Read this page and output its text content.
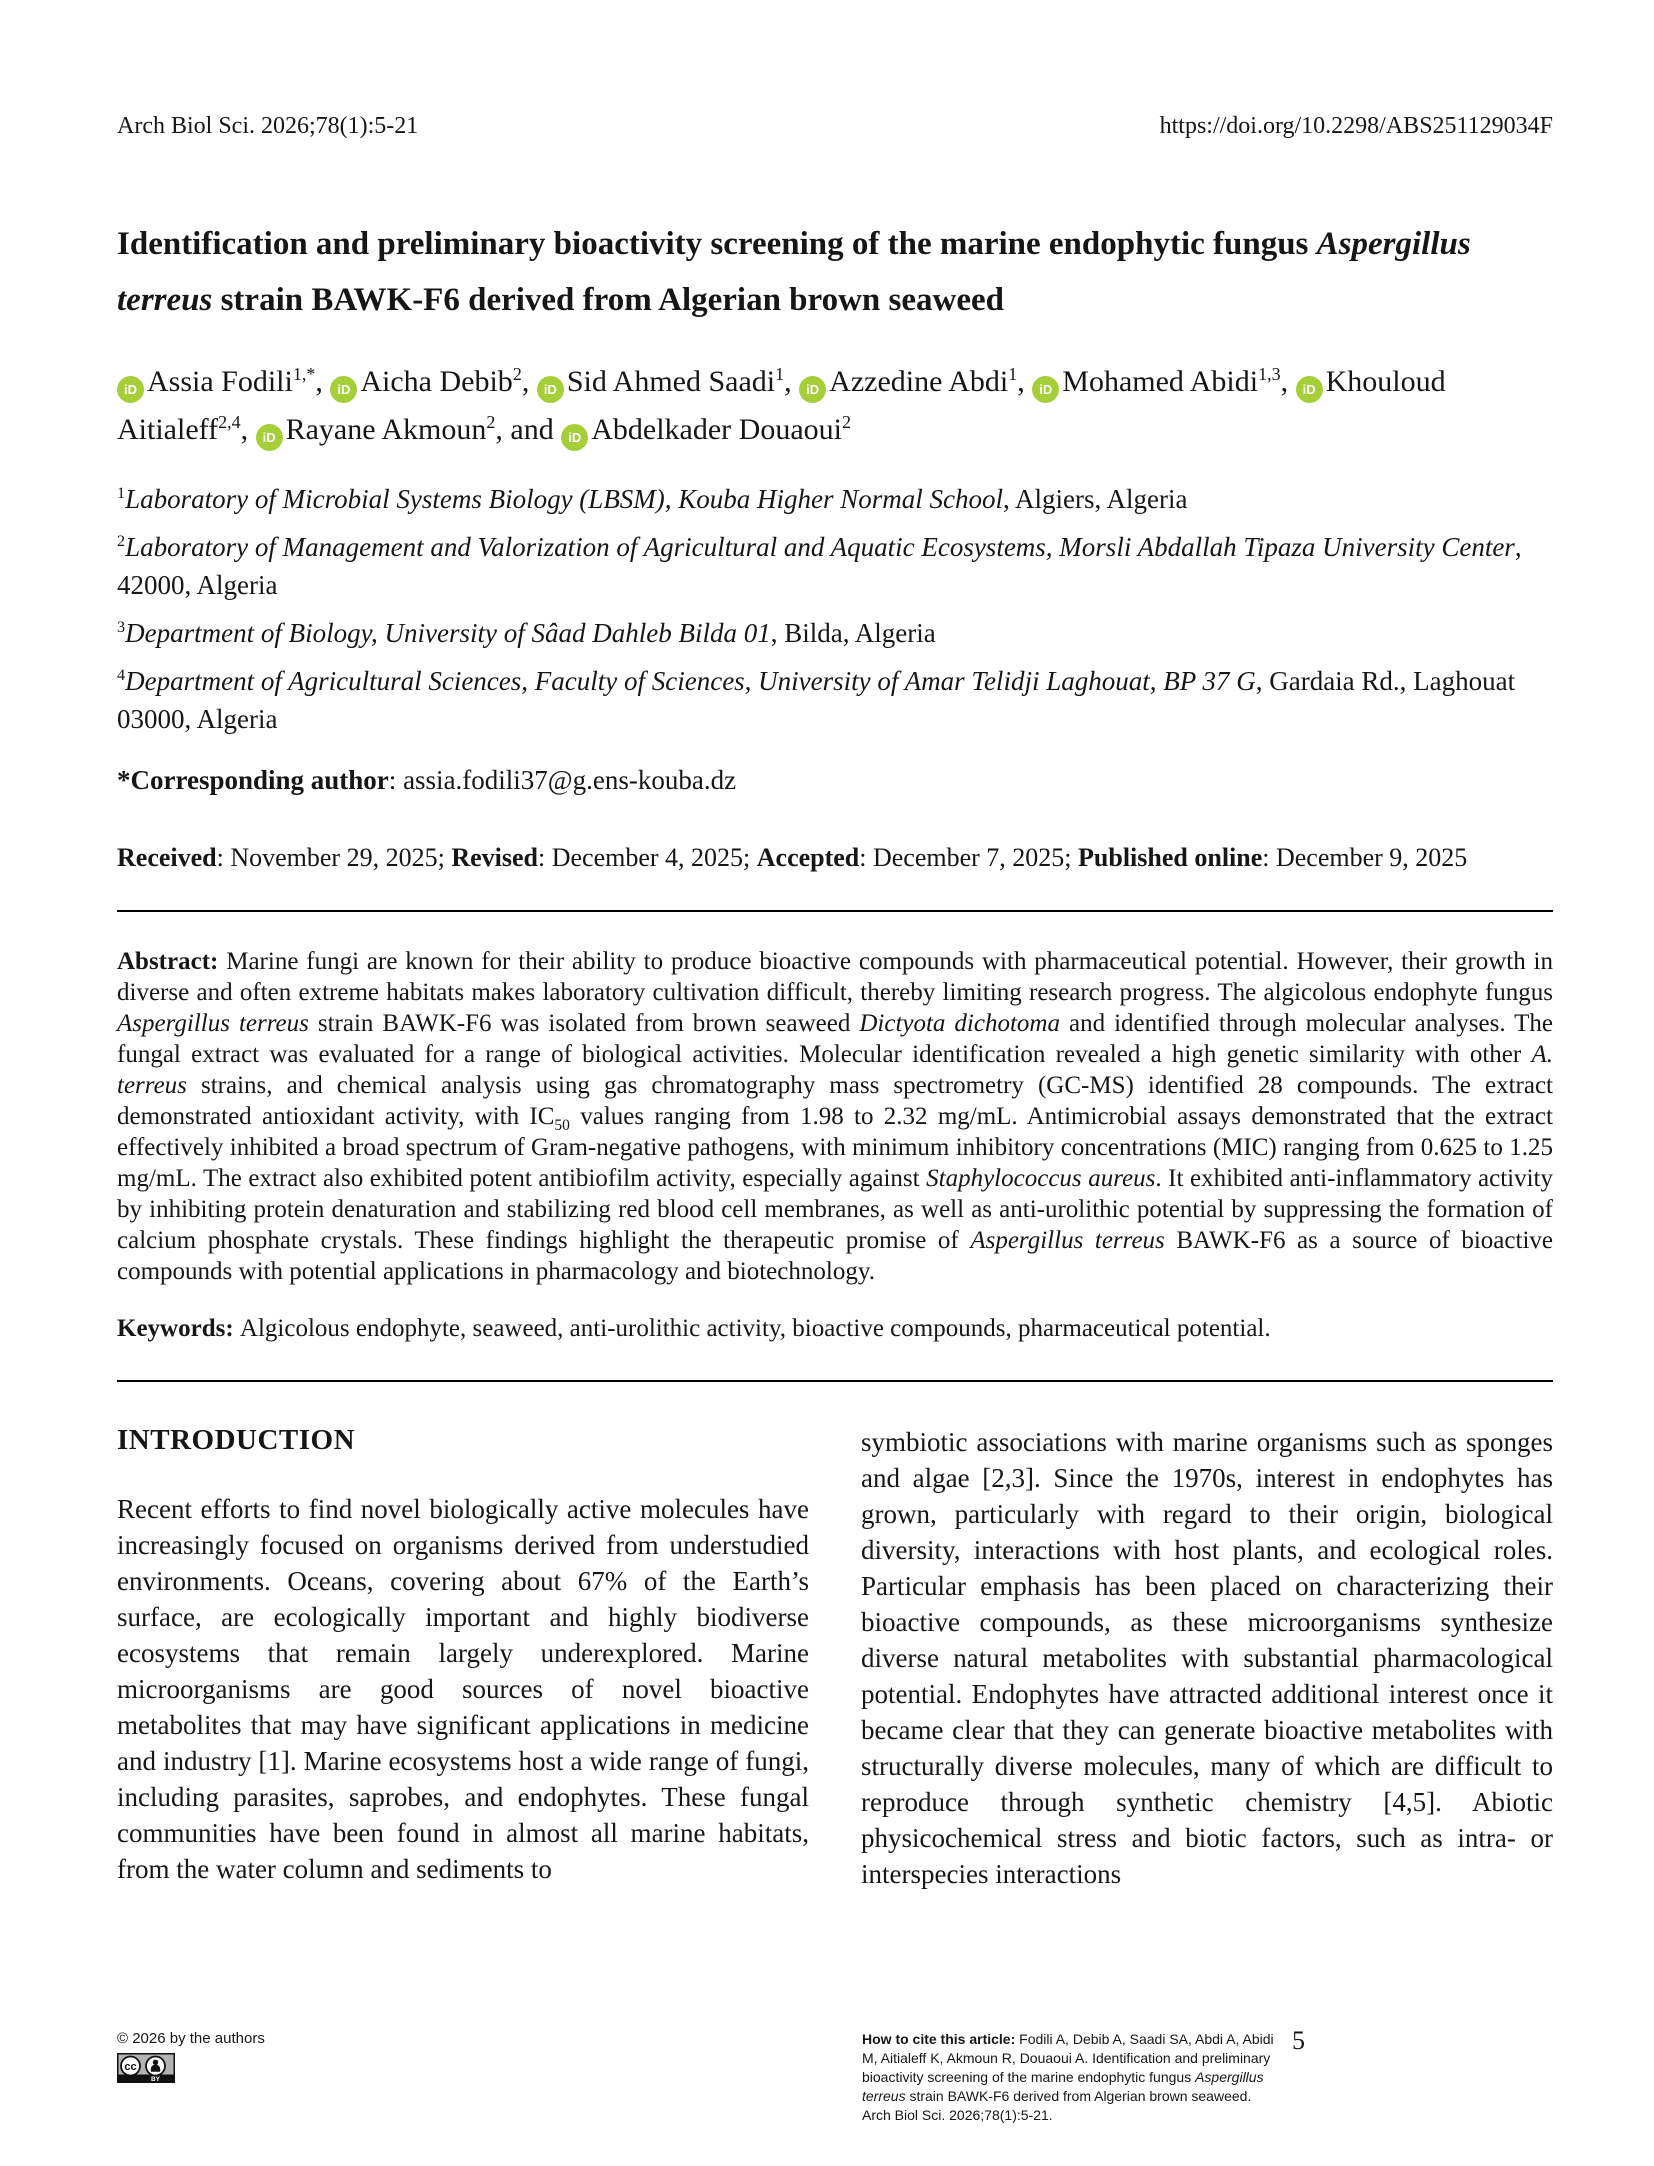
Arch Biol Sci. 2026;78(1):5-21	https://doi.org/10.2298/ABS251129034F
Identification and preliminary bioactivity screening of the marine endophytic fungus Aspergillus terreus strain BAWK-F6 derived from Algerian brown seaweed

iD Assia Fodili$^{1,*}$, iD Aicha Debib$^2$, iD Sid Ahmed Saadi$^1$, iD Azzedine Abdi$^1$, iD Mohamed Abidi$^{1,3}$, iD Khouloud Aitialeff$^{2,4}$, iD Rayane Akmoun$^2$, and iD Abdelkader Douaoui$^2$

$^1$Laboratory of Microbial Systems Biology (LBSM), Kouba Higher Normal School, Algiers, Algeria

$^2$Laboratory of Management and Valorization of Agricultural and Aquatic Ecosystems, Morsli Abdallah Tipaza University Center, 42000, Algeria

$^3$Department of Biology, University of Sâad Dahleb Bilda 01, Bilda, Algeria

$^4$Department of Agricultural Sciences, Faculty of Sciences, University of Amar Telidji Laghouat, BP 37 G, Gardaia Rd., Laghouat 03000, Algeria

*Corresponding author: assia.fodili37@g.ens-kouba.dz

Received: November 29, 2025; Revised: December 4, 2025; Accepted: December 7, 2025; Published online: December 9, 2025

Abstract: Marine fungi are known for their ability to produce bioactive compounds with pharmaceutical potential. However, their growth in diverse and often extreme habitats makes laboratory cultivation difficult, thereby limiting research progress. The algicolous endophyte fungus Aspergillus terreus strain BAWK-F6 was isolated from brown seaweed Dictyota dichotoma and identified through molecular analyses. The fungal extract was evaluated for a range of biological activities. Molecular identification revealed a high genetic similarity with other A. terreus strains, and chemical analysis using gas chromatography mass spectrometry (GC-MS) identified 28 compounds. The extract demonstrated antioxidant activity, with $IC_{50}$ values ranging from 1.98 to 2.32 mg/mL. Antimicrobial assays demonstrated that the extract effectively inhibited a broad spectrum of Gram-negative pathogens, with minimum inhibitory concentrations (MIC) ranging from 0.625 to 1.25 mg/mL. The extract also exhibited potent antibiofilm activity, especially against Staphylococcus aureus. It exhibited anti-inflammatory activity by inhibiting protein denaturation and stabilizing red blood cell membranes, as well as anti-urolithic potential by suppressing the formation of calcium phosphate crystals. These findings highlight the therapeutic promise of Aspergillus terreus BAWK-F6 as a source of bioactive compounds with potential applications in pharmacology and biotechnology.

Keywords: Algicolous endophyte, seaweed, anti-urolithic activity, bioactive compounds, pharmaceutical potential.

INTRODUCTION

Recent efforts to find novel biologically active molecules have increasingly focused on organisms derived from understudied environments. Oceans, covering about 67% of the Earth’s surface, are ecologically important and highly biodiverse ecosystems that remain largely underexplored. Marine microorganisms are good sources of novel bioactive metabolites that may have significant applications in medicine and industry [1]. Marine ecosystems host a wide range of fungi, including parasites, saprobes, and endophytes. These fungal communities have been found in almost all marine habitats, from the water column and sediments to

symbiotic associations with marine organisms such as sponges and algae [2,3]. Since the 1970s, interest in endophytes has grown, particularly with regard to their origin, biological diversity, interactions with host plants, and ecological roles. Particular emphasis has been placed on characterizing their bioactive compounds, as these microorganisms synthesize diverse natural metabolites with substantial pharmacological potential. Endophytes have attracted additional interest once it became clear that they can generate bioactive metabolites with structurally diverse molecules, many of which are difficult to reproduce through synthetic chemistry [4,5]. Abiotic physicochemical stress and biotic factors, such as intra- or interspecies interactions

© 2026 by the authors

cc
BY

How to cite this article: Fodili A, Debib A, Saadi SA, Abdi A, Abidi M, Aitialeff K, Akmoun R, Douaoui A. Identification and preliminary bioactivity screening of the marine endophytic fungus Aspergillus terreus strain BAWK-F6 derived from Algerian brown seaweed. Arch Biol Sci. 2026;78(1):5-21.

5
